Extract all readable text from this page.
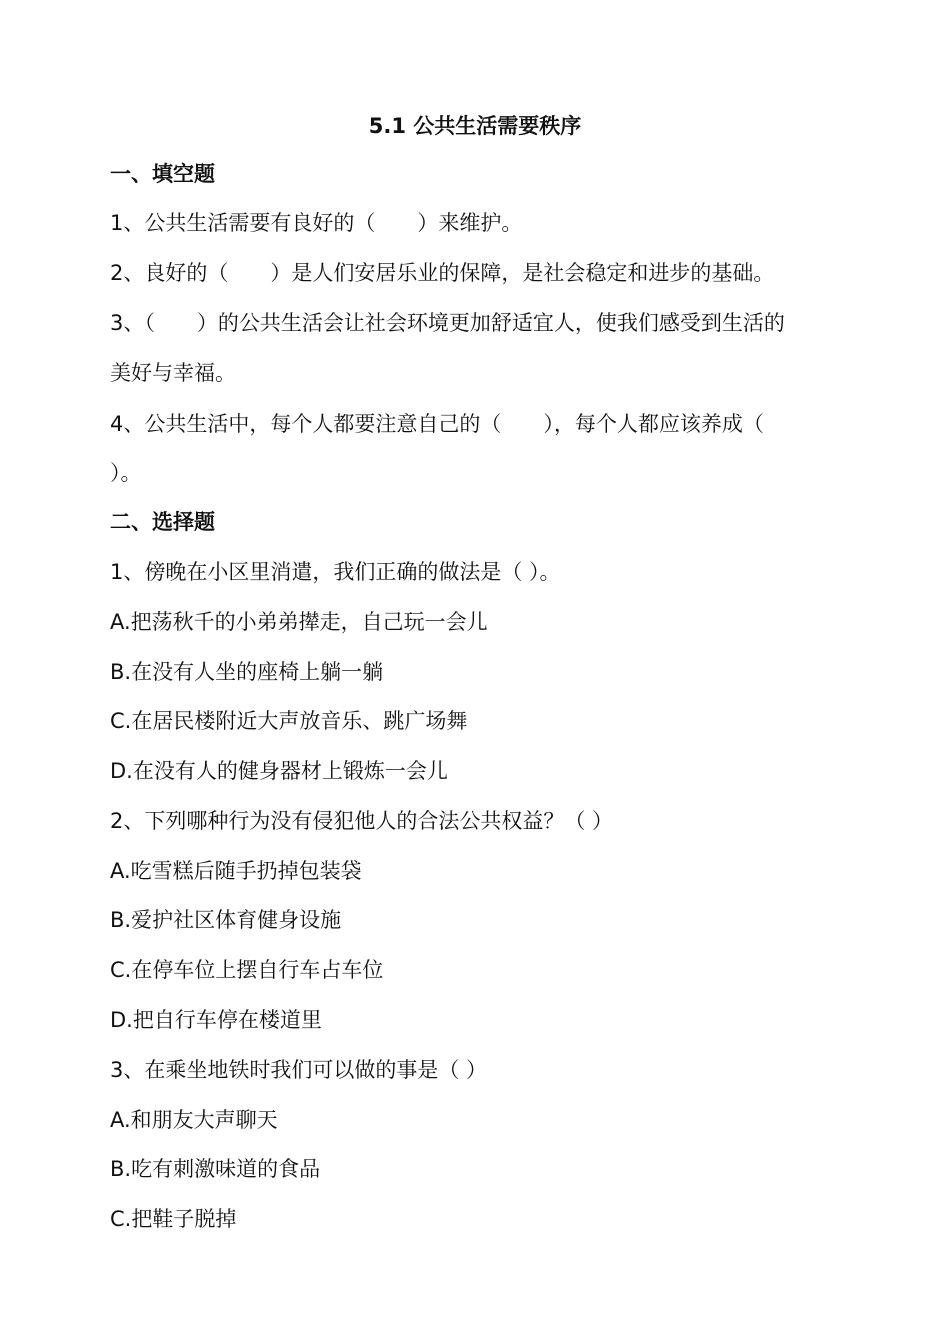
5.1 公共生活需要秩序
一、填空题
1、公共生活需要有良好的（　　）来维护。
2、良好的（　　）是人们安居乐业的保障，是社会稳定和进步的基础。
3、（　　）的公共生活会让社会环境更加舒适宜人，使我们感受到生活的
美好与幸福。
4、公共生活中，每个人都要注意自己的（　　），每个人都应该养成（
）。
二、选择题
1、傍晚在小区里消遣，我们正确的做法是（ ）。
A.把荡秋千的小弟弟撵走，自己玩一会儿
B.在没有人坐的座椅上躺一躺
C.在居民楼附近大声放音乐、跳广场舞
D.在没有人的健身器材上锻炼一会儿
2、下列哪种行为没有侵犯他人的合法公共权益？（ ）
A.吃雪糕后随手扔掉包装袋
B.爱护社区体育健身设施
C.在停车位上摆自行车占车位
D.把自行车停在楼道里
3、在乘坐地铁时我们可以做的事是（ ）
A.和朋友大声聊天
B.吃有刺激味道的食品
C.把鞋子脱掉
